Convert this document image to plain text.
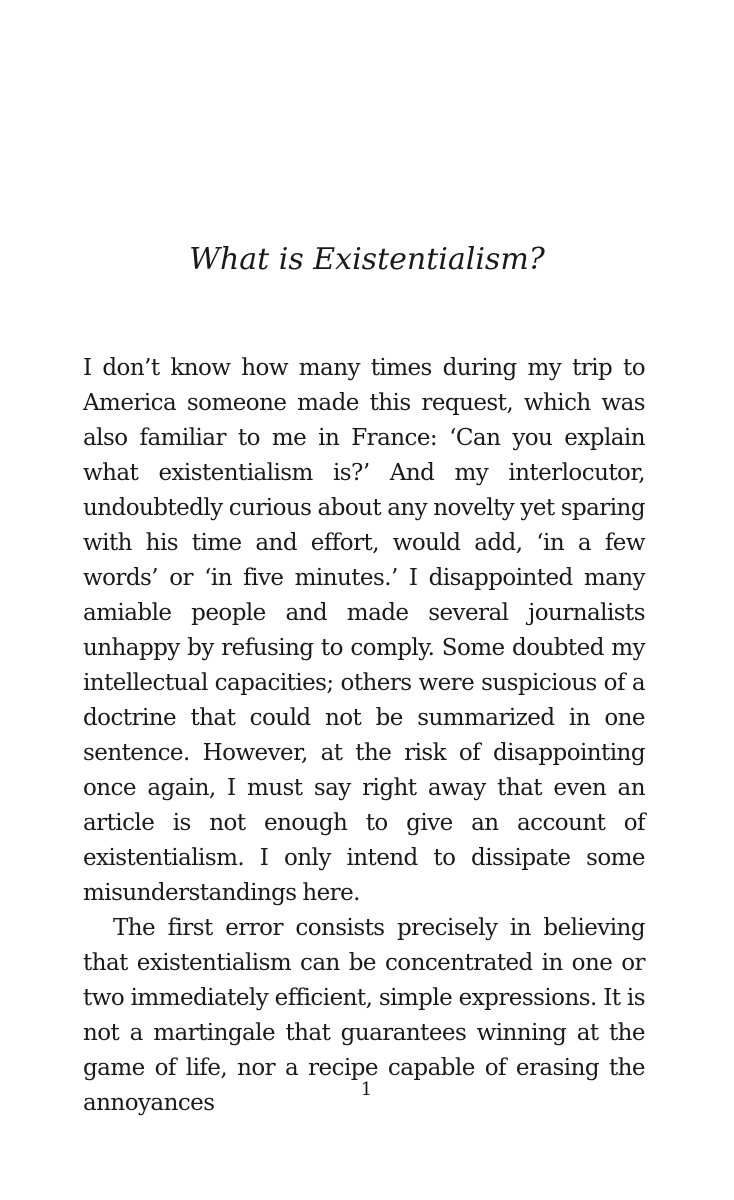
What is Existentialism?

I don’t know how many times during my trip to America someone made this request, which was also familiar to me in France: ‘Can you explain what existentialism is?’ And my interlocutor, undoubtedly curious about any novelty yet sparing with his time and effort, would add, ‘in a few words’ or ‘in five minutes.’ I disappointed many amiable people and made several journalists unhappy by refusing to comply. Some doubted my intellectual capacities; others were suspicious of a doctrine that could not be summarized in one sentence. However, at the risk of disappointing once again, I must say right away that even an article is not enough to give an account of existentialism. I only intend to dissipate some misunderstandings here.

The first error consists precisely in believing that existentialism can be concentrated in one or two immediately efficient, simple expressions. It is not a martingale that guarantees winning at the game of life, nor a recipe capable of erasing the annoyances

1
